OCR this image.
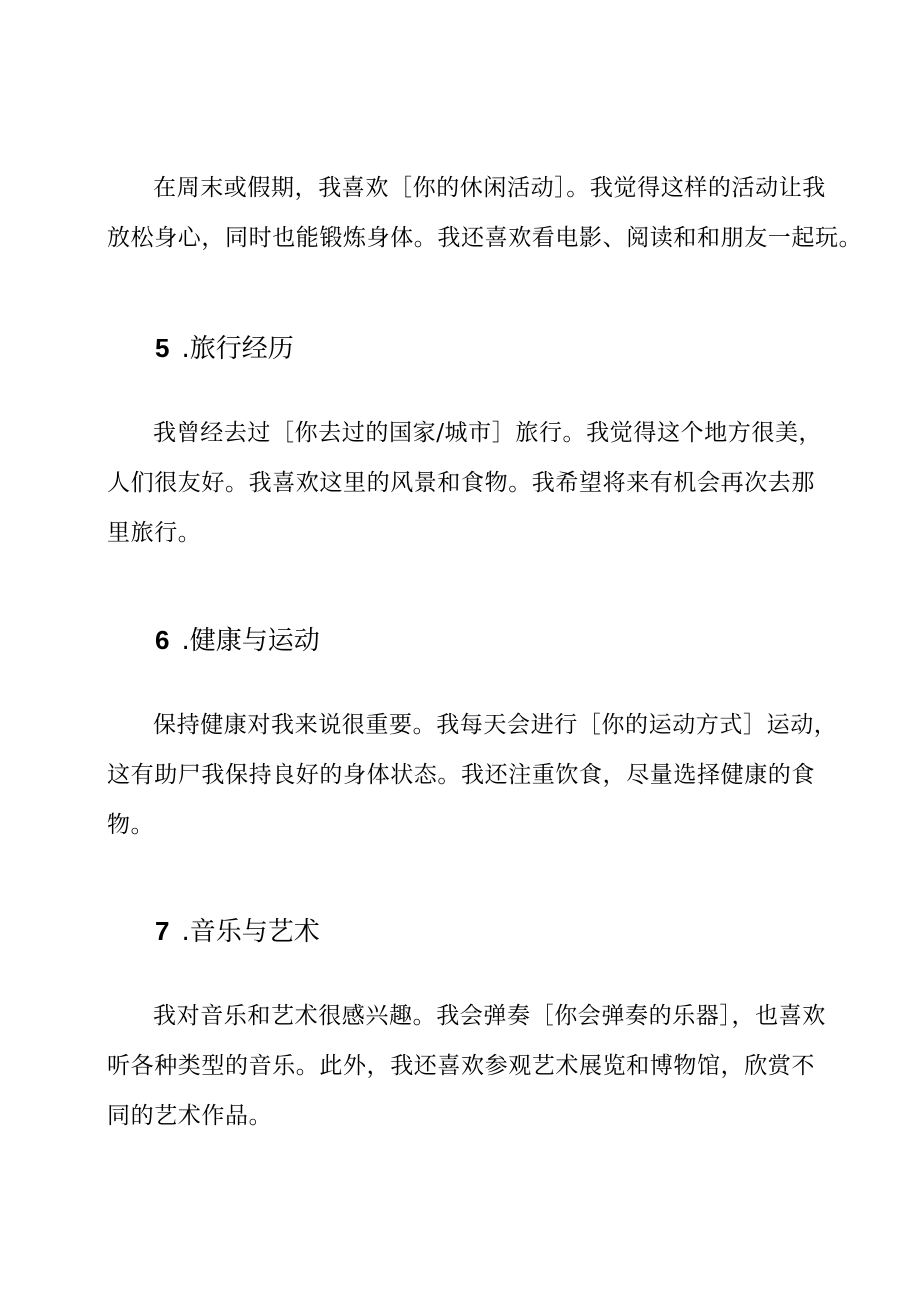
在周末或假期，我喜欢［你的休闲活动］。我觉得这样的活动让我
放松身心，同时也能锻炼身体。我还喜欢看电影、阅读和和朋友一起玩。

5 .旅行经历

我曾经去过［你去过的国家/城市］旅行。我觉得这个地方很美，
人们很友好。我喜欢这里的风景和食物。我希望将来有机会再次去那
里旅行。

6 .健康与运动

保持健康对我来说很重要。我每天会进行［你的运动方式］运动，
这有助尸我保持良好的身体状态。我还注重饮食，尽量选择健康的食
物。

7 .音乐与艺术

我对音乐和艺术很感兴趣。我会弹奏［你会弹奏的乐器］，也喜欢
听各种类型的音乐。此外，我还喜欢参观艺术展览和博物馆，欣赏不
同的艺术作品。
